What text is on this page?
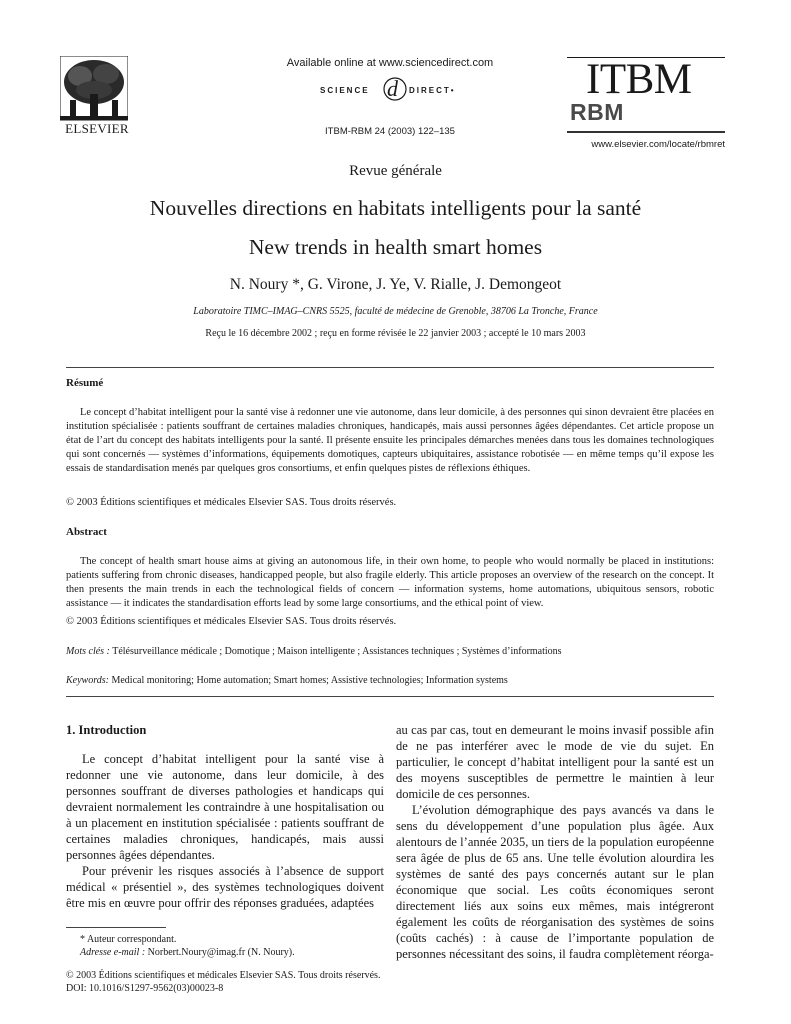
ELSEVIER
Available online at www.sciencedirect.com
SCIENCE d DIRECT•
ITBM-RBM 24 (2003) 122–135
ITBM
RBM
www.elsevier.com/locate/rbmret
Revue générale
Nouvelles directions en habitats intelligents pour la santé
New trends in health smart homes
N. Noury *, G. Virone, J. Ye, V. Rialle, J. Demongeot
Laboratoire TIMC–IMAG–CNRS 5525, faculté de médecine de Grenoble, 38706 La Tronche, France
Reçu le 16 décembre 2002 ; reçu en forme révisée le 22 janvier 2003 ; accepté le 10 mars 2003
Résumé

Le concept d’habitat intelligent pour la santé vise à redonner une vie autonome, dans leur domicile, à des personnes qui sinon devraient être placées en institution spécialisée : patients souffrant de certaines maladies chroniques, handicapés, mais aussi personnes âgées dépendantes. Cet article propose un état de l’art du concept des habitats intelligents pour la santé. Il présente ensuite les principales démarches menées dans tous les domaines technologiques qui sont concernés — systèmes d’informations, équipements domotiques, capteurs ubiquitaires, assistance robotisée — en même temps qu’il expose les essais de standardisation menés par quelques gros consortiums, et enfin quelques pistes de réflexions éthiques.

© 2003 Éditions scientifiques et médicales Elsevier SAS. Tous droits réservés.
Abstract

The concept of health smart house aims at giving an autonomous life, in their own home, to people who would normally be placed in institutions: patients suffering from chronic diseases, handicapped people, but also fragile elderly. This article proposes an overview of the research on the concept. It then presents the main trends in each the technological fields of concern — information systems, home automations, ubiquitous sensors, robotic assistance — it indicates the standardisation efforts lead by some large consortiums, and the ethical point of view.

© 2003 Éditions scientifiques et médicales Elsevier SAS. Tous droits réservés.
Mots clés : Télésurveillance médicale ; Domotique ; Maison intelligente ; Assistances techniques ; Systèmes d’informations
Keywords: Medical monitoring; Home automation; Smart homes; Assistive technologies; Information systems
1. Introduction

Le concept d’habitat intelligent pour la santé vise à redonner une vie autonome, dans leur domicile, à des personnes souffrant de diverses pathologies et handicaps qui devraient normalement les contraindre à une hospitalisation ou à un placement en institution spécialisée : patients souffrant de certaines maladies chroniques, handicapés, mais aussi personnes âgées dépendantes.

Pour prévenir les risques associés à l’absence de support médical « présentiel », des systèmes technologiques doivent être mis en œuvre pour offrir des réponses graduées, adaptées

au cas par cas, tout en demeurant le moins invasif possible afin de ne pas interférer avec le mode de vie du sujet. En particulier, le concept d’habitat intelligent pour la santé est un des moyens susceptibles de permettre le maintien à leur domicile de ces personnes.

L’évolution démographique des pays avancés va dans le sens du développement d’une population plus âgée. Aux alentours de l’année 2035, un tiers de la population européenne sera âgée de plus de 65 ans. Une telle évolution alourdira les systèmes de santé des pays concernés autant sur le plan économique que social. Les coûts économiques seront directement liés aux soins eux mêmes, mais intégreront également les coûts de réorganisation des systèmes de soins (coûts cachés) : à cause de l’importante population de personnes nécessitant des soins, il faudra complètement réorga-

* Auteur correspondant.
Adresse e-mail : Norbert.Noury@imag.fr (N. Noury).
© 2003 Éditions scientifiques et médicales Elsevier SAS. Tous droits réservés.
DOI: 10.1016/S1297-9562(03)00023-8
